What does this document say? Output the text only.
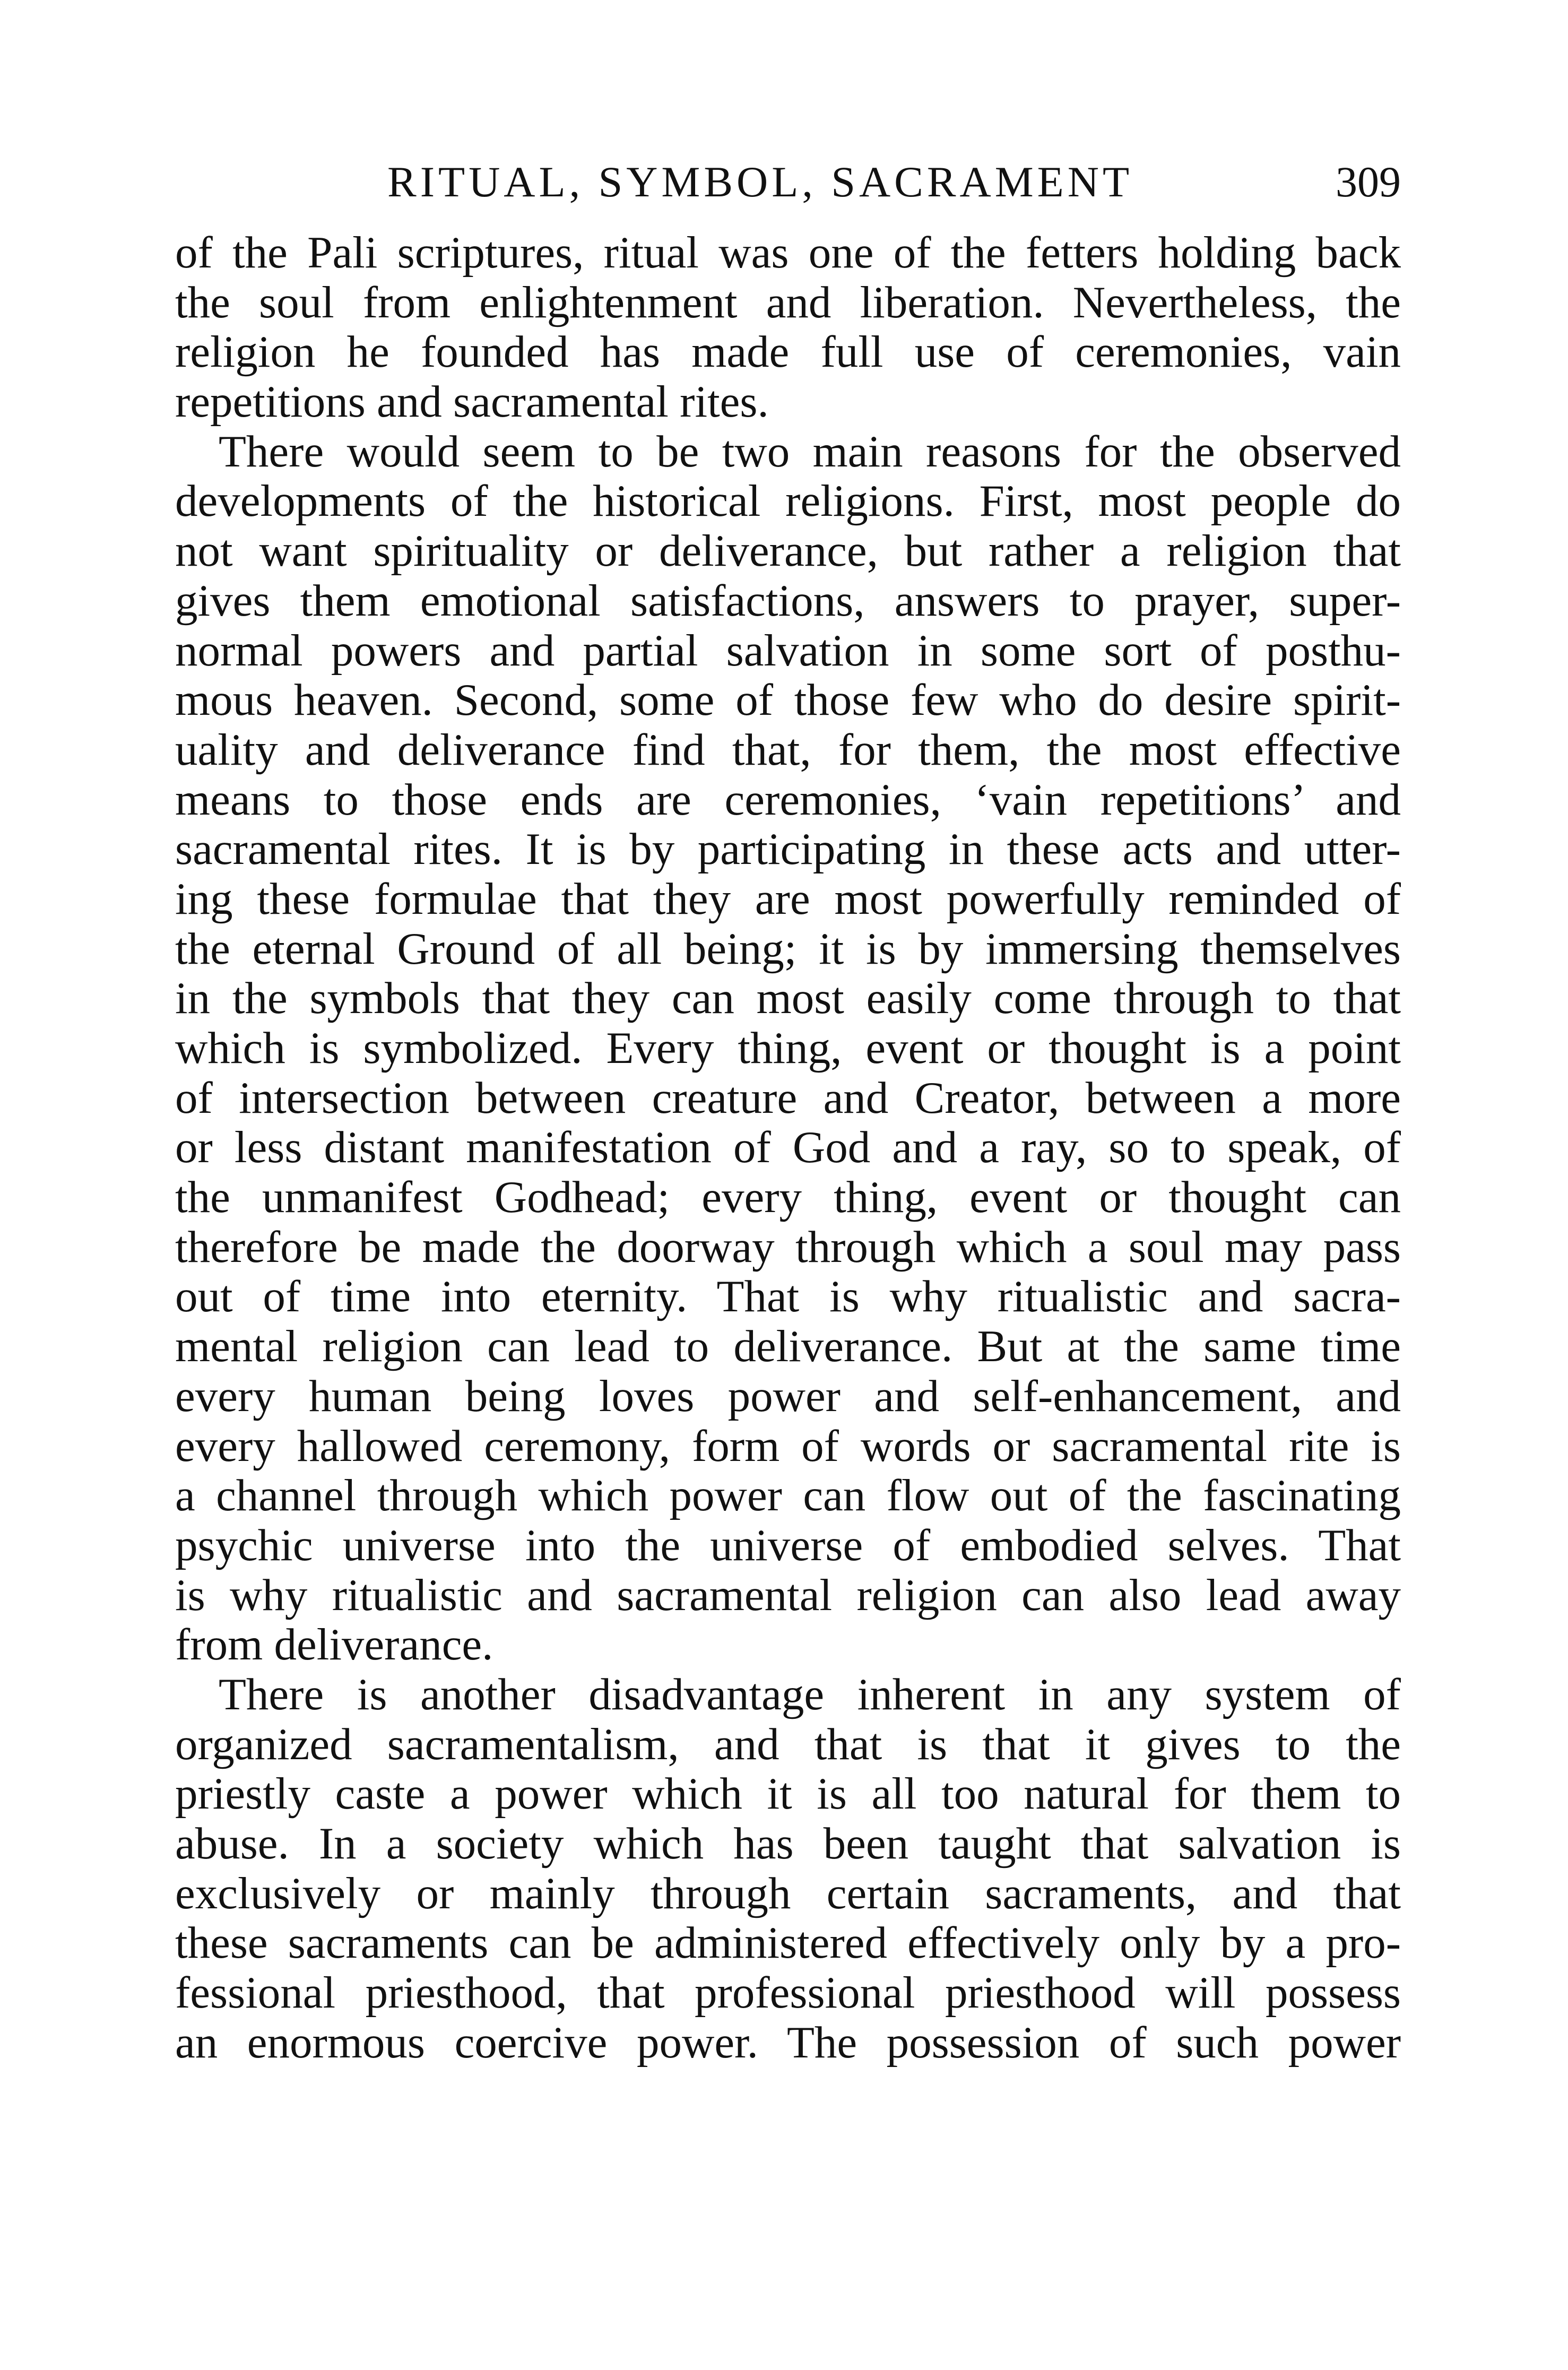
RITUAL, SYMBOL, SACRAMENT	309
of the Pali scriptures, ritual was one of the fetters holding back
the soul from enlightenment and liberation. Nevertheless, the
religion he founded has made full use of ceremonies, vain
repetitions and sacramental rites.
There would seem to be two main reasons for the observed
developments of the historical religions. First, most people do
not want spirituality or deliverance, but rather a religion that
gives them emotional satisfactions, answers to prayer, super-
normal powers and partial salvation in some sort of posthu-
mous heaven. Second, some of those few who do desire spirit-
uality and deliverance find that, for them, the most effective
means to those ends are ceremonies, ‘vain repetitions’ and
sacramental rites. It is by participating in these acts and utter-
ing these formulae that they are most powerfully reminded of
the eternal Ground of all being; it is by immersing themselves
in the symbols that they can most easily come through to that
which is symbolized. Every thing, event or thought is a point
of intersection between creature and Creator, between a more
or less distant manifestation of God and a ray, so to speak, of
the unmanifest Godhead; every thing, event or thought can
therefore be made the doorway through which a soul may pass
out of time into eternity. That is why ritualistic and sacra-
mental religion can lead to deliverance. But at the same time
every human being loves power and self-enhancement, and
every hallowed ceremony, form of words or sacramental rite is
a channel through which power can flow out of the fascinating
psychic universe into the universe of embodied selves. That
is why ritualistic and sacramental religion can also lead away
from deliverance.
There is another disadvantage inherent in any system of
organized sacramentalism, and that is that it gives to the
priestly caste a power which it is all too natural for them to
abuse. In a society which has been taught that salvation is
exclusively or mainly through certain sacraments, and that
these sacraments can be administered effectively only by a pro-
fessional priesthood, that professional priesthood will possess
an enormous coercive power. The possession of such power
